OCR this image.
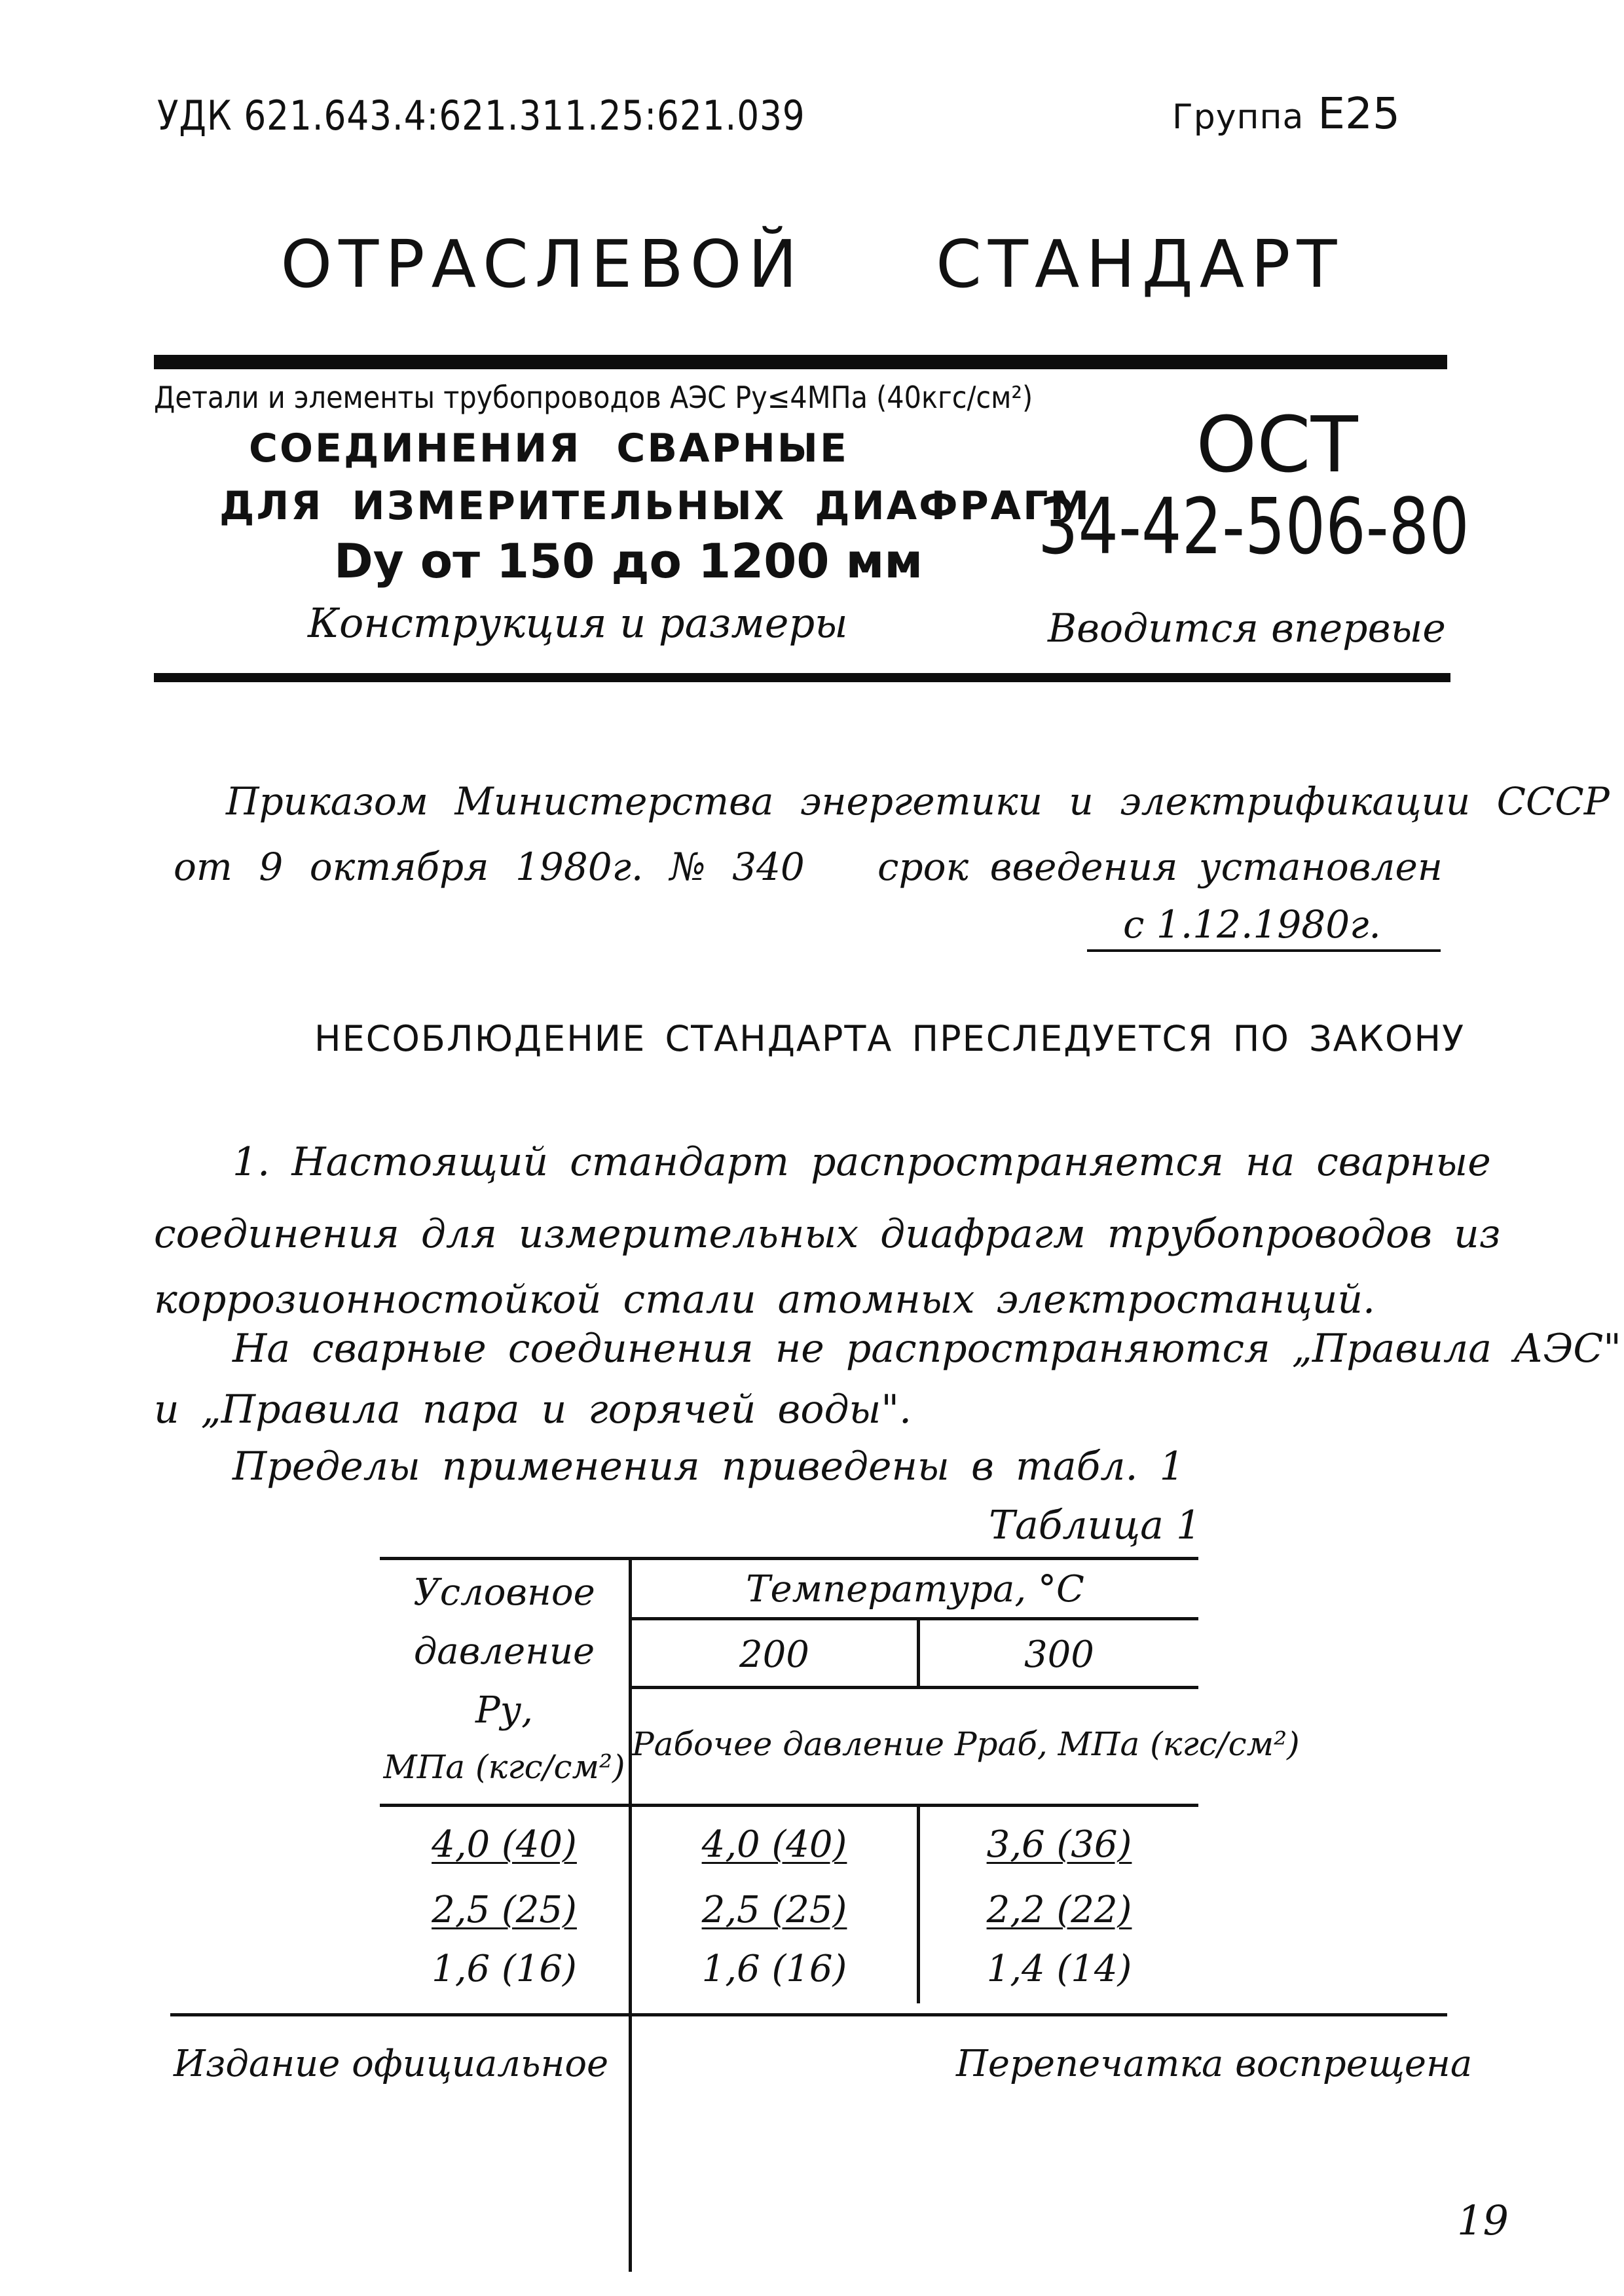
УДК 621.643.4:621.311.25:621.039	Группа Е25
ОТРАСЛЕВОЙ СТАНДАРТ
Детали и элементы трубопроводов АЭС Pу≤4МПа (40кгс/см²)
СОЕДИНЕНИЯ СВАРНЫЕ
ДЛЯ ИЗМЕРИТЕЛЬНЫХ ДИАФРАГМ
Dу от 150 до 1200 мм
Конструкция и размеры
ОСТ
34-42-506-80
Вводится впервые
Приказом Министерства энергетики и электрификации СССР
от 9 октября 1980г. № 340 срок введения установлен
с 1.12.1980г.
НЕСОБЛЮДЕНИЕ СТАНДАРТА ПРЕСЛЕДУЕТСЯ ПО ЗАКОНУ
1. Настоящий стандарт распространяется на сварные
соединения для измерительных диафрагм трубопроводов из
коррозионностойкой стали атомных электростанций.
На сварные соединения не распространяются „Правила АЭС"
и „Правила пара и горячей воды".
Пределы применения приведены в табл. 1
Таблица 1
Условное
давление
Pу,
МПа (кгс/см²)
Температура, °С
200	300
Рабочее давление Pраб, МПа (кгс/см²)
4,0 (40)	4,0 (40)	3,6 (36)
2,5 (25)	2,5 (25)	2,2 (22)
1,6 (16)	1,6 (16)	1,4 (14)
Издание официальное	Перепечатка воспрещена
19
